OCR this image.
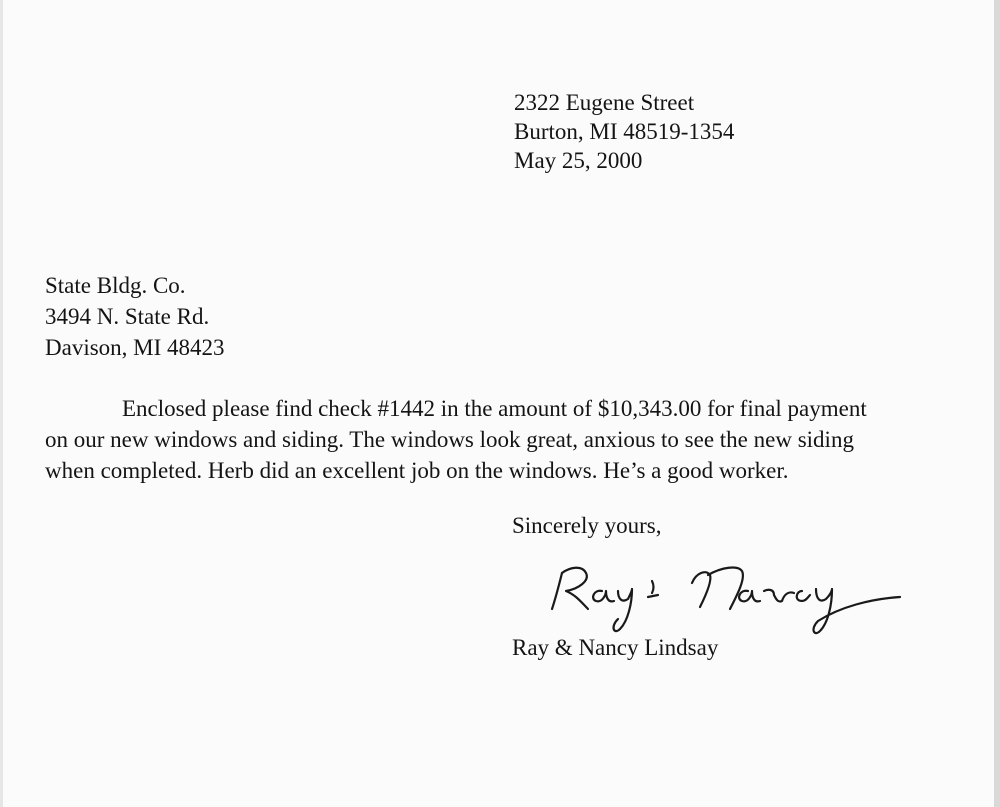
2322 Eugene Street
Burton, MI 48519-1354
May 25, 2000
State Bldg. Co.
3494 N. State Rd.
Davison, MI 48423
Enclosed please find check #1442 in the amount of $10,343.00 for final payment
on our new windows and siding. The windows look great, anxious to see the new siding
when completed. Herb did an excellent job on the windows. He’s a good worker.
Sincerely yours,
Ray & Nancy Lindsay
